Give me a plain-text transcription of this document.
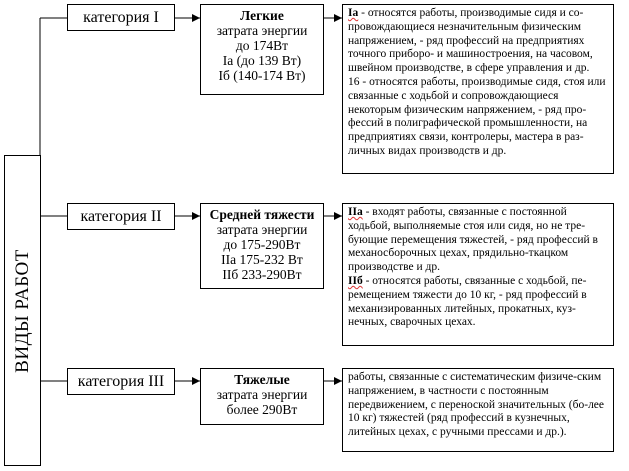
ВИДЫ РАБОТ
категория I	Легкие
затрата энергии
до 174Вт
Iа (до 139 Вт)
Iб (140-174 Вт)
Iа - относятся работы, производимые сидя и со-провождающиеся незначительным физическим напряжением, - ряд профессий на предприятиях точного приборо- и машиностроения, на часовом, швейном производстве, в сфере управления и др.
16 - относятся работы, производимые сидя, стоя или связанные с ходьбой и сопровождающиеся некоторым физическим напряжением, - ряд про-фессий в полиграфической промышленности, на предприятиях связи, контролеры, мастера в раз-личных видах производств и др.
категория II	Средней тяжести
затрата энергии
до 175-290Вт
IIа 175-232 Вт
IIб 233-290Вт
IIа - входят работы, связанные с постоянной ходьбой, выполняемые стоя или сидя, но не тре-бующие перемещения тяжестей, - ряд профессий в механосборочных цехах, прядильно-ткацком производстве и др.
IIб - относятся работы, связанные с ходьбой, пе-ремещением тяжести до 10 кг, - ряд профессий в механизированных литейных, прокатных, куз-нечных, сварочных цехах.
категория III	Тяжелые
затрата энергии
более 290Вт
работы, связанные с систематическим физиче-ским напряжением, в частности с постоянным передвижением, с переноской значительных (бо-лее 10 кг) тяжестей (ряд профессий в кузнечных, литейных цехах, с ручными прессами и др.).
